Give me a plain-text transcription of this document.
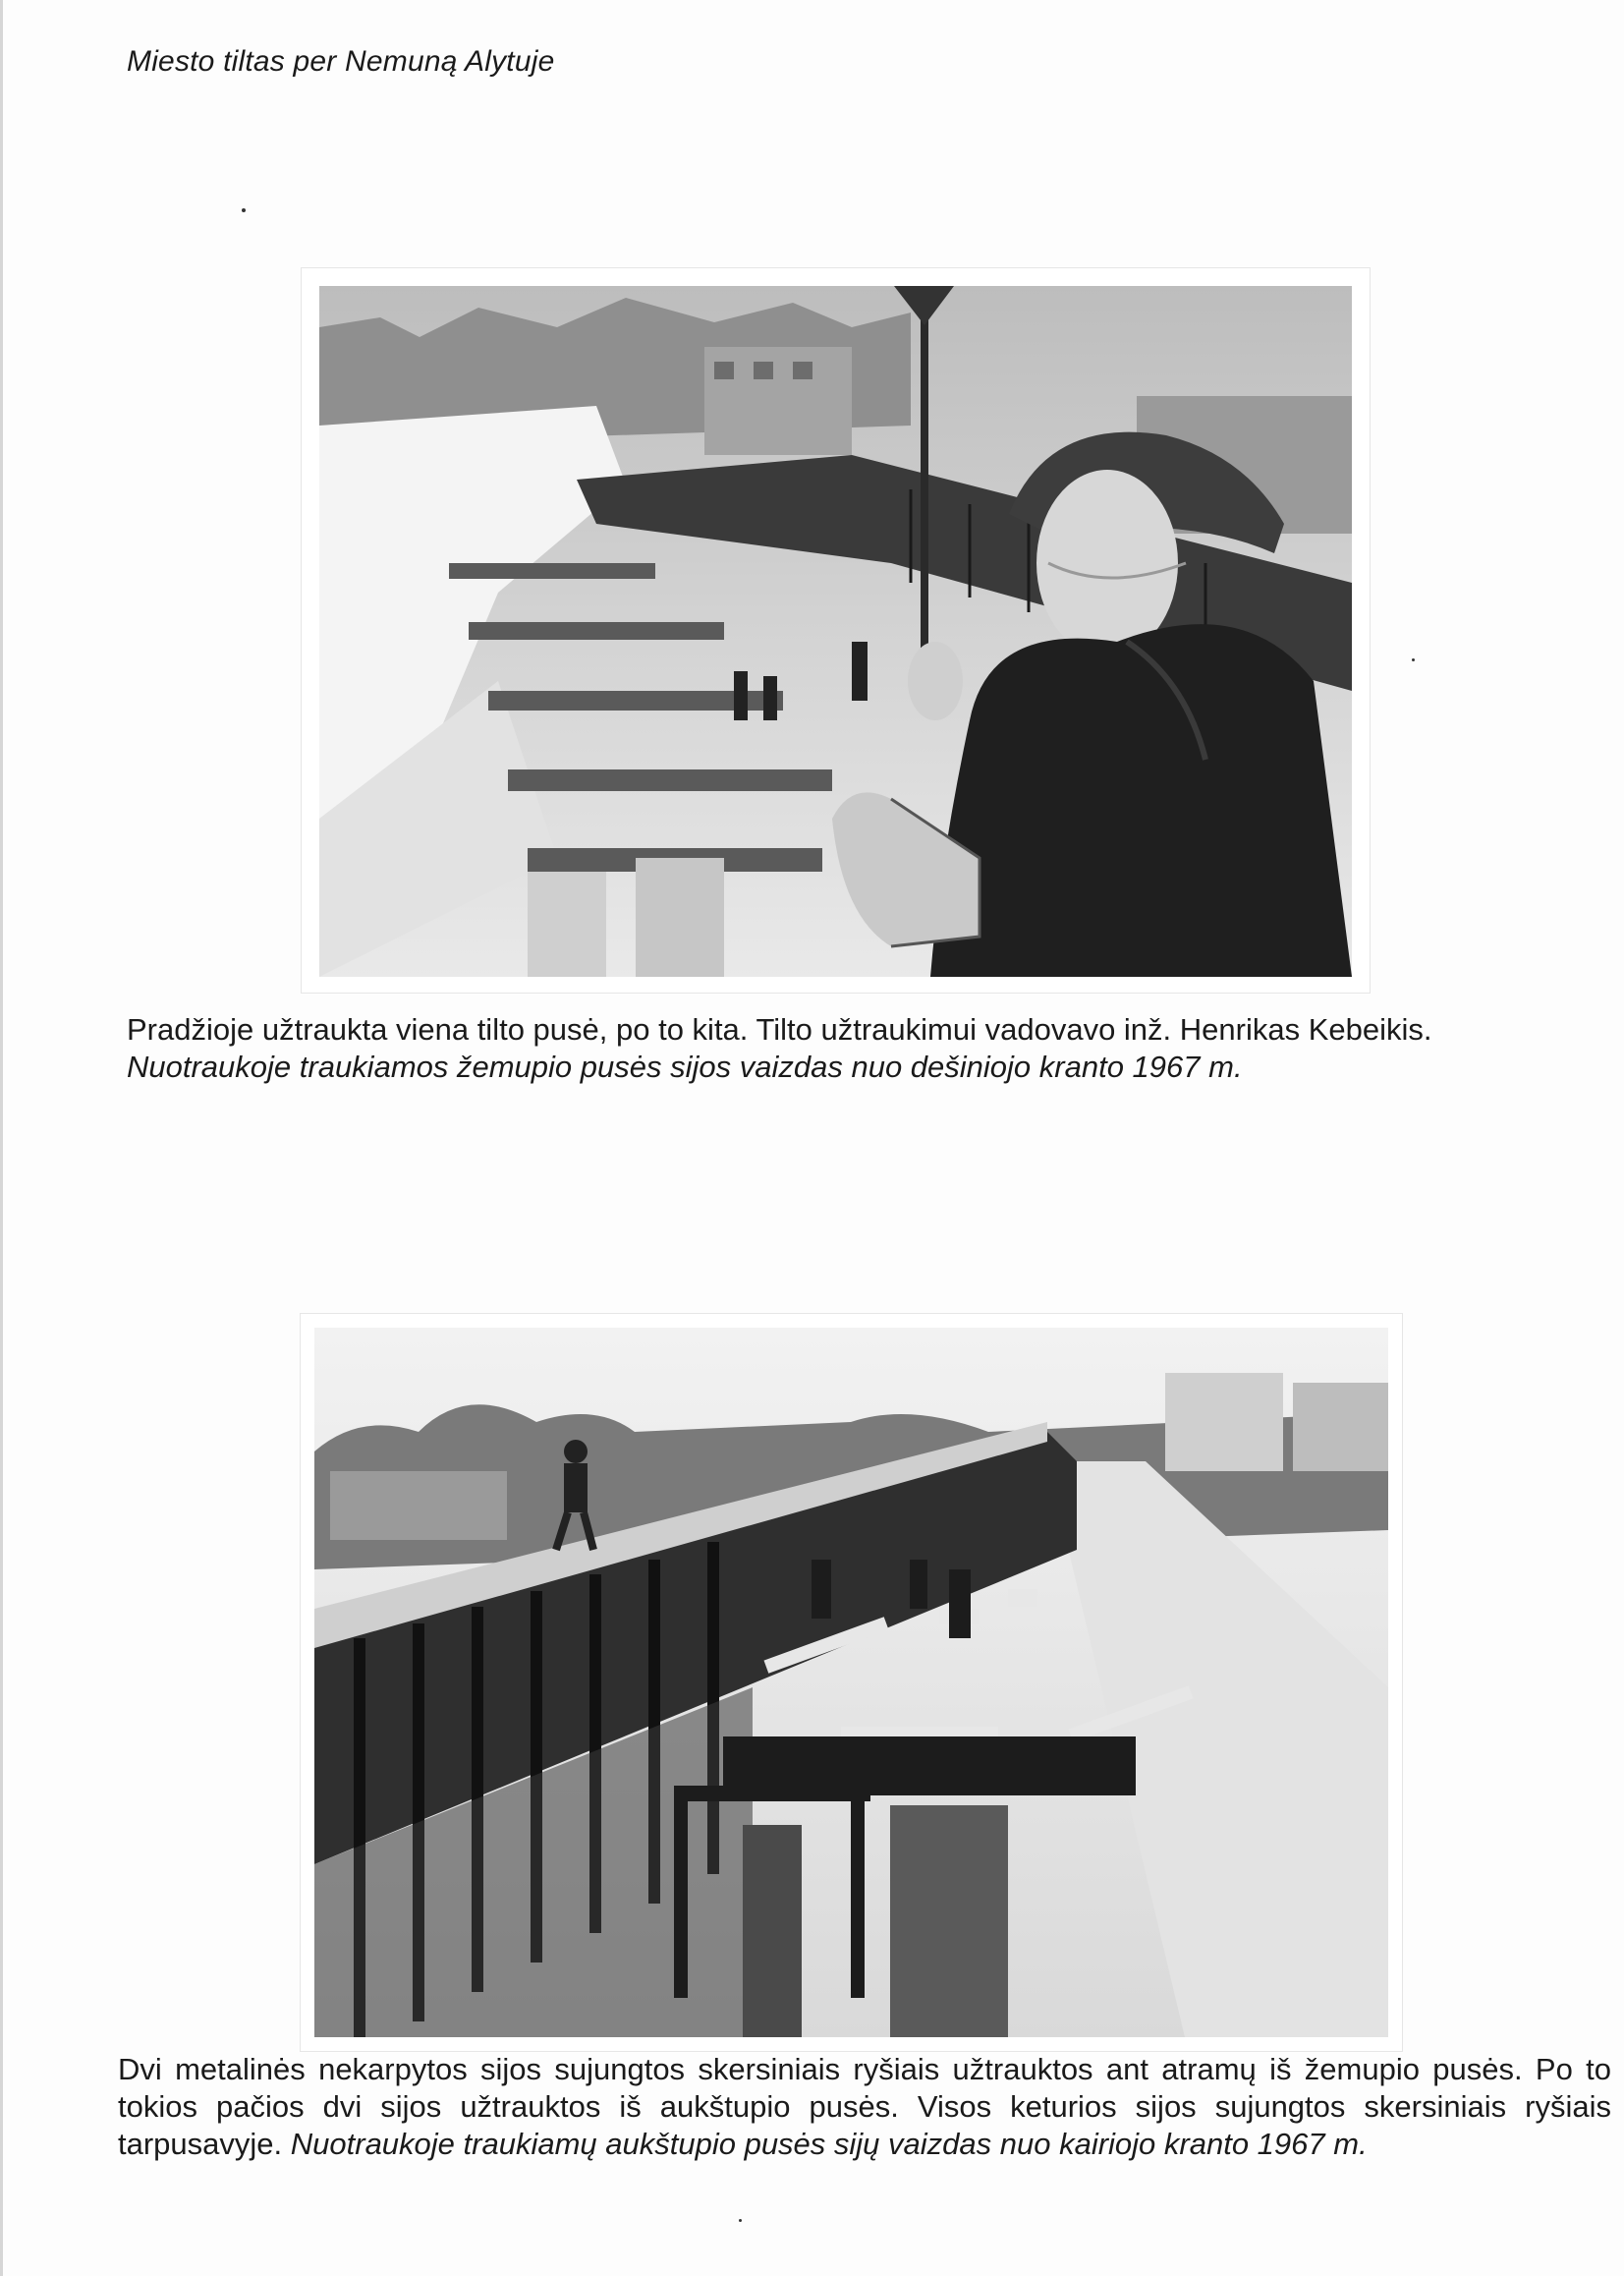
Miesto tiltas per Nemuną Alytuje
Pradžioje užtraukta viena tilto pusė, po to kita. Tilto užtraukimui vadovavo inž. Henrikas Kebeikis.
Nuotraukoje traukiamos žemupio pusės sijos vaizdas nuo dešiniojo kranto 1967 m.
Dvi metalinės nekarpytos sijos sujungtos skersiniais ryšiais užtrauktos ant atramų iš žemupio pusės. Po to tokios pačios dvi sijos užtrauktos iš aukštupio pusės. Visos keturios sijos sujungtos skersiniais ryšiais tarpusavyje. Nuotraukoje traukiamų aukštupio pusės sijų vaizdas nuo kairiojo kranto 1967 m.
